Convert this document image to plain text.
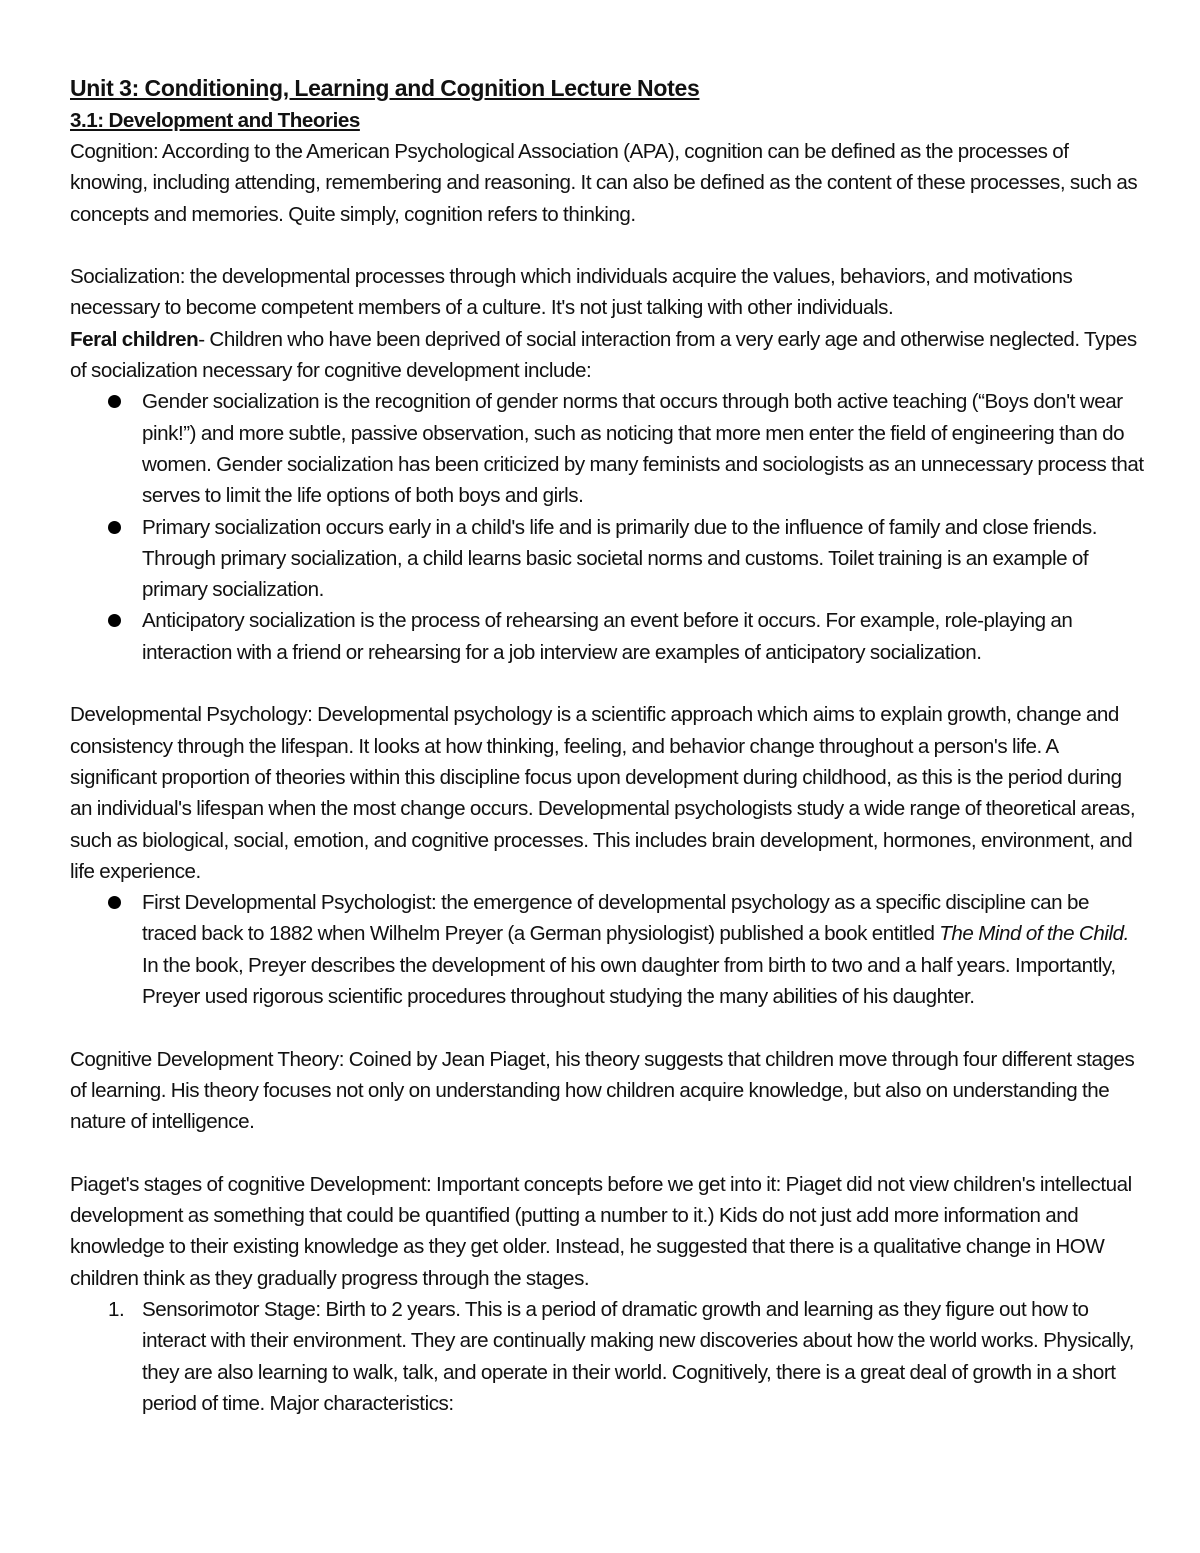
Unit 3: Conditioning, Learning and Cognition Lecture Notes

3.1: Development and Theories

Cognition: According to the American Psychological Association (APA), cognition can be defined as the processes of knowing, including attending, remembering and reasoning. It can also be defined as the content of these processes, such as concepts and memories. Quite simply, cognition refers to thinking.

Socialization: the developmental processes through which individuals acquire the values, behaviors, and motivations necessary to become competent members of a culture. It's not just talking with other individuals.

Feral children- Children who have been deprived of social interaction from a very early age and otherwise neglected. Types of socialization necessary for cognitive development include:

Gender socialization is the recognition of gender norms that occurs through both active teaching (“Boys don't wear pink!”) and more subtle, passive observation, such as noticing that more men enter the field of engineering than do women. Gender socialization has been criticized by many feminists and sociologists as an unnecessary process that serves to limit the life options of both boys and girls.
Primary socialization occurs early in a child's life and is primarily due to the influence of family and close friends. Through primary socialization, a child learns basic societal norms and customs. Toilet training is an example of primary socialization.
Anticipatory socialization is the process of rehearsing an event before it occurs. For example, role-playing an interaction with a friend or rehearsing for a job interview are examples of anticipatory socialization.

Developmental Psychology: Developmental psychology is a scientific approach which aims to explain growth, change and consistency through the lifespan. It looks at how thinking, feeling, and behavior change throughout a person's life. A significant proportion of theories within this discipline focus upon development during childhood, as this is the period during an individual's lifespan when the most change occurs. Developmental psychologists study a wide range of theoretical areas, such as biological, social, emotion, and cognitive processes. This includes brain development, hormones, environment, and life experience.

First Developmental Psychologist: the emergence of developmental psychology as a specific discipline can be traced back to 1882 when Wilhelm Preyer (a German physiologist) published a book entitled The Mind of the Child. In the book, Preyer describes the development of his own daughter from birth to two and a half years. Importantly, Preyer used rigorous scientific procedures throughout studying the many abilities of his daughter.

Cognitive Development Theory: Coined by Jean Piaget, his theory suggests that children move through four different stages of learning. His theory focuses not only on understanding how children acquire knowledge, but also on understanding the nature of intelligence.

Piaget's stages of cognitive Development: Important concepts before we get into it: Piaget did not view children's intellectual development as something that could be quantified (putting a number to it.) Kids do not just add more information and knowledge to their existing knowledge as they get older. Instead, he suggested that there is a qualitative change in HOW children think as they gradually progress through the stages.

1. Sensorimotor Stage: Birth to 2 years. This is a period of dramatic growth and learning as they figure out how to interact with their environment. They are continually making new discoveries about how the world works. Physically, they are also learning to walk, talk, and operate in their world. Cognitively, there is a great deal of growth in a short period of time. Major characteristics:
